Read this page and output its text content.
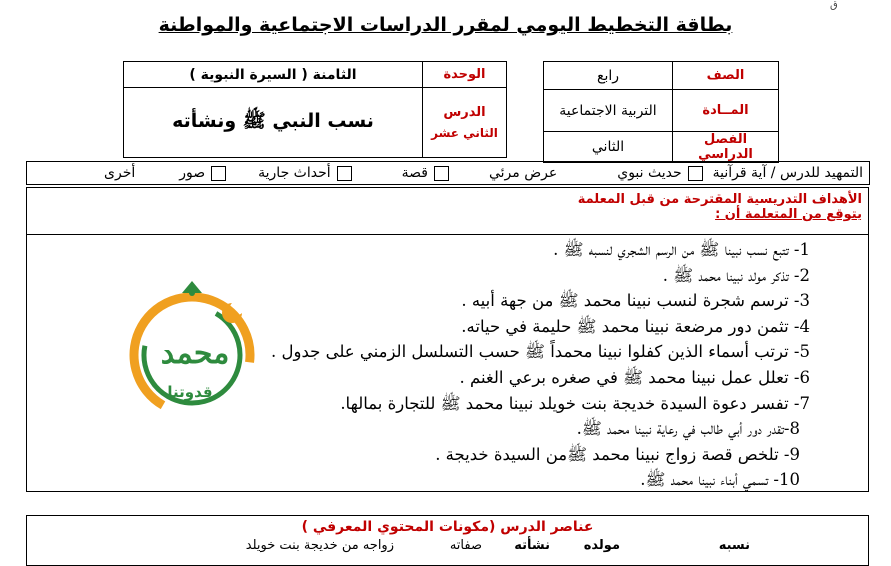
ق
بطاقة التخطيط اليومي لمقرر الدراسات الاجتماعية والمواطنة
رابع	الصف
التربية الاجتماعية	المــادة
الثاني	الفصل الدراسي
الثامنة ( السيرة النبوية )	الوحدة
نسب النبي ﷺ ونشأته	الدرس
الثاني عشر
التمهيد للدرس / آية قرآنية
حديث نبوي
عرض مرئي
قصة
أحداث جارية
صور
أخرى
الأهداف التدريسية المقترحة من قبل المعلمة
يتوقع من المتعلمة أن :
1- تتبع نسب نبينا ﷺ من الرسم الشجري لنسبه ﷺ .
2- تذكر مولد نبينا محمد ﷺ .
3- ترسم شجرة لنسب نبينا محمد ﷺ من جهة أبيه .
4- تثمن دور مرضعة نبينا محمد ﷺ حليمة في حياته.
5- ترتب أسماء الذين كفلوا نبينا محمداً ﷺ حسب التسلسل الزمني على جدول .
6- تعلل عمل نبينا محمد ﷺ في صغره برعي الغنم .
7- تفسر دعوة السيدة خديجة بنت خويلد نبينا محمد ﷺ للتجارة بمالها.
8-تقدر دور أبي طالب في رعاية نبينا محمد ﷺ.
9- تلخص قصة زواج نبينا محمد ﷺمن السيدة خديجة .
10- تسمي أبناء نبينا محمد ﷺ.
محمد
قدوتنا
عناصر الدرس (مكونات المحتوي المعرفي )
نسبه
مولده
نشأته
صفاته
زواجه من خديجة بنت خويلد
